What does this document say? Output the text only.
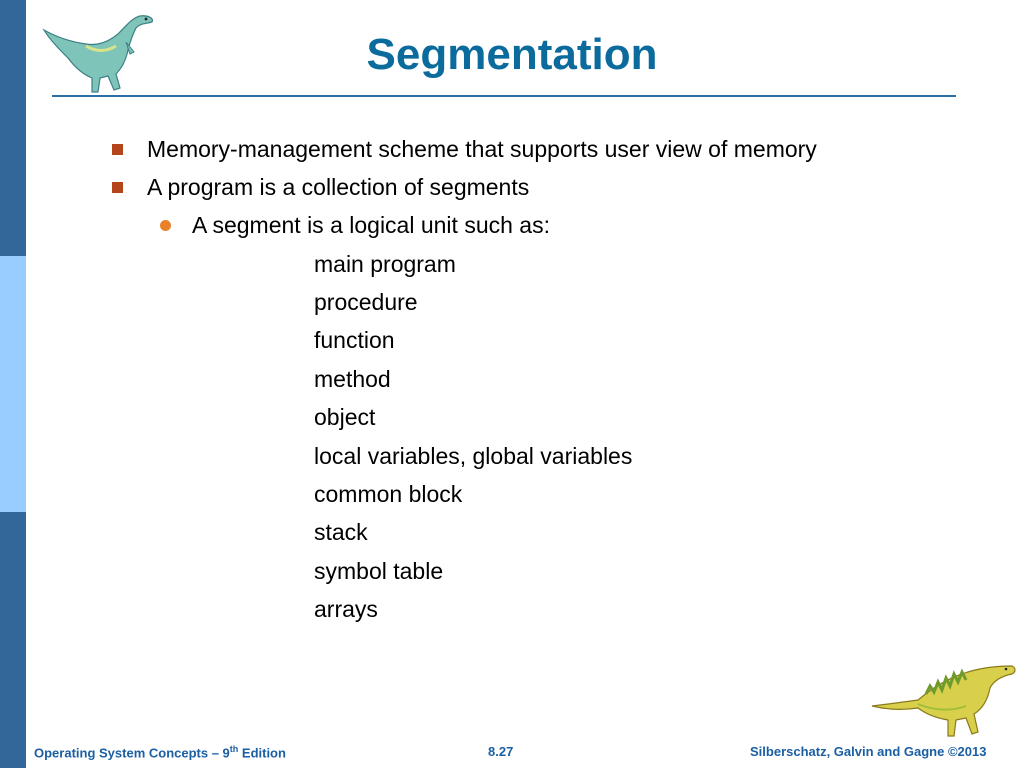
Segmentation
Memory-management scheme that supports user view of memory
A program is a collection of segments
A segment is a logical unit such as:
main program
procedure
function
method
object
local variables, global variables
common block
stack
symbol table
arrays
Operating System Concepts – 9th Edition	8.27	Silberschatz, Galvin and Gagne ©2013
